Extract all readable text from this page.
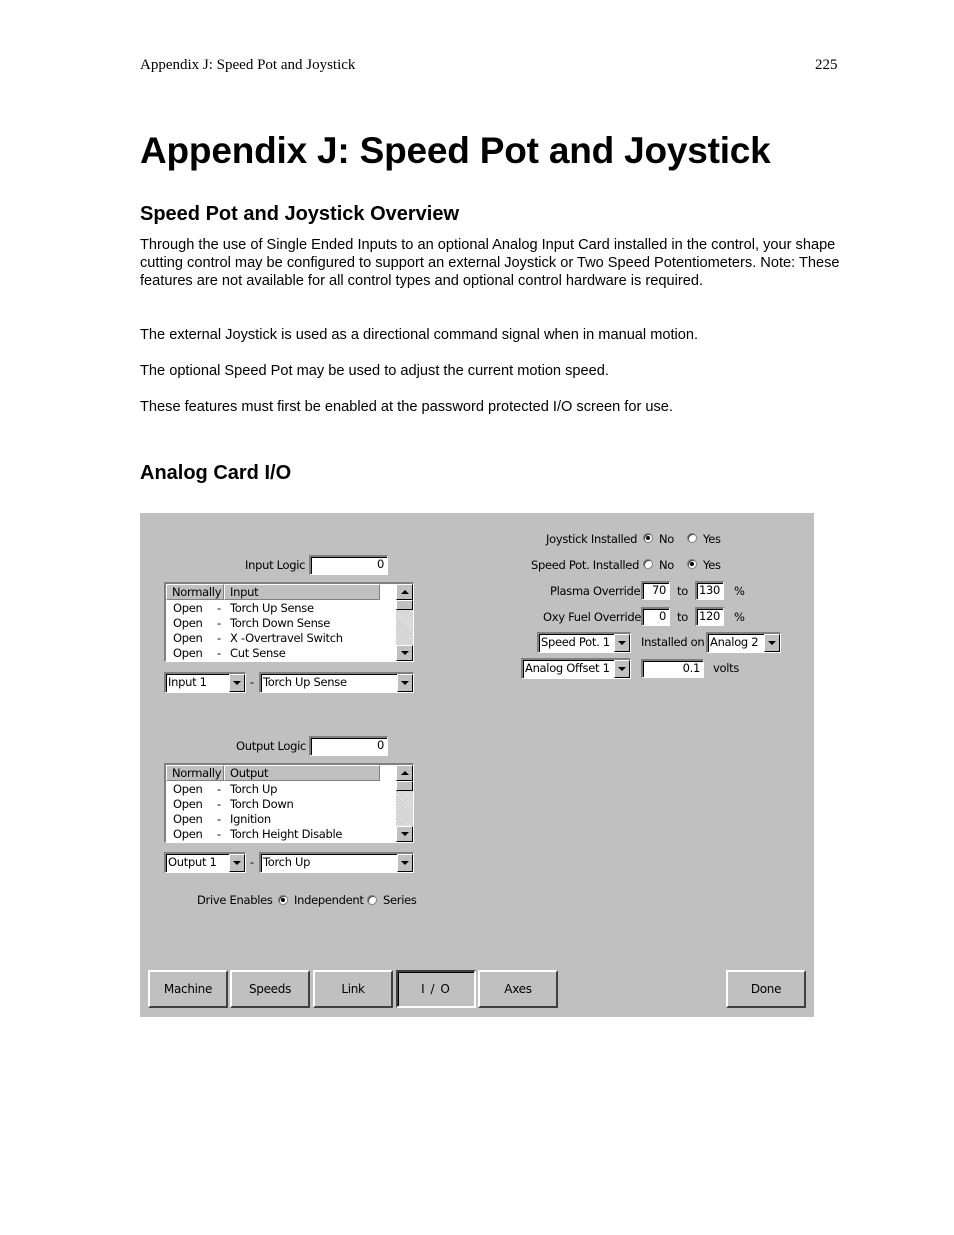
Appendix J: Speed Pot and Joystick	225
Appendix J: Speed Pot and Joystick
Speed Pot and Joystick Overview

Through the use of Single Ended Inputs to an optional Analog Input Card installed in the control, your shape cutting control may be configured to support an external Joystick or Two Speed Potentiometers. Note: These features are not available for all control types and optional control hardware is required.

The external Joystick is used as a directional command signal when in manual motion.

The optional Speed Pot may be used to adjust the current motion speed.

These features must first be enabled at the password protected I/O screen for use.

Analog Card I/O
Input Logic	0
Normally Input
Open - Torch Up Sense
Open - Torch Down Sense
Open - X -Overtravel Switch
Open - Cut Sense
Input 1	- Torch Up Sense
Output Logic	0
Normally Output
Open - Torch Up
Open - Torch Down
Open - Ignition
Open - Torch Height Disable
Output 1	- Torch Up
Drive Enables Independent Series
Joystick Installed No	Yes
Speed Pot. Installed No	Yes
Plasma Override	70 to 130	%
Oxy Fuel Override	0 to 120	%
Speed Pot. 1	Installed on Analog 2
Analog Offset 1	0.1	volts
Machine	Speeds	Link	I / O	Axes	Done
